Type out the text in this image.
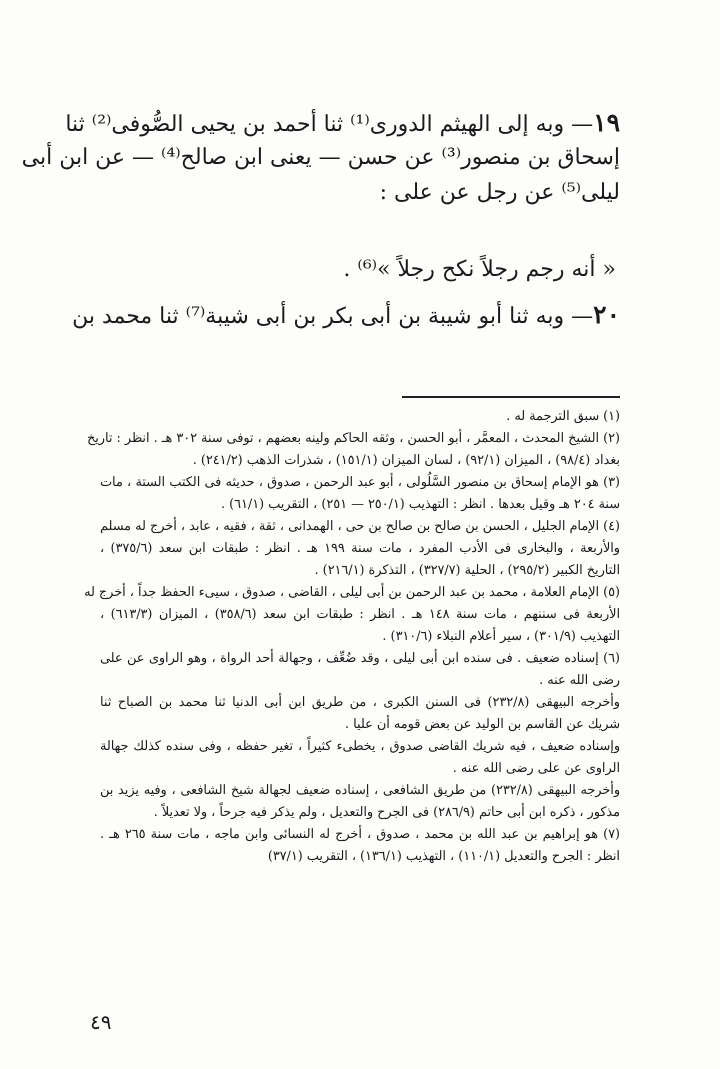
١٩— وبه إلى الهيثم الدورى⁽¹⁾ ثنا أحمد بن يحيى الصُّوفى⁽²⁾ ثنا
إسحاق بن منصور⁽³⁾ عن حسن — يعنى ابن صالح⁽⁴⁾ — عن ابن أبى
ليلى⁽⁵⁾ عن رجل عن على :
« أنه رجم رجلاً نكح رجلاً »⁽⁶⁾ .
٢٠— وبه ثنا أبو شيبة بن أبى بكر بن أبى شيبة⁽⁷⁾ ثنا محمد بن
(١) سبق الترجمة له .
(٢) الشيخ المحدث ، المعمَّر ، أبو الحسن ، وثقه الحاكم ولينه بعضهم ، توفى سنة ٣٠٢ هـ . انظر : تاريخ
بغداد (٩٨/٤) ، الميزان (٩٢/١) ، لسان الميزان (١٥١/١) ، شذرات الذهب (٢٤١/٢) .
(٣) هو الإمام إسحاق بن منصور السَّلُولى ، أبو عبد الرحمن ، صدوق ، حديثه فى الكتب الستة ، مات
سنة ٢٠٤ هـ وقيل بعدها . انظر : التهذيب (٢٥٠/١ — ٢٥١) ، التقريب (٦١/١) .
(٤) الإمام الجليل ، الحسن بن صالح بن صالح بن حى ، الهمدانى ، ثقة ، فقيه ، عابد ، أخرج له مسلم
والأربعة ، والبخارى فى الأدب المفرد ، مات سنة ١٩٩ هـ . انظر : طبقات ابن سعد (٣٧٥/٦) ،
التاريخ الكبير (٢٩٥/٢) ، الحلية (٣٢٧/٧) ، التذكرة (٢١٦/١) .
(٥) الإمام العلامة ، محمد بن عبد الرحمن بن أبى ليلى ، القاضى ، صدوق ، سيىء الحفظ جداً ، أخرج له
الأربعة فى سننهم ، مات سنة ١٤٨ هـ . انظر : طبقات ابن سعد (٣٥٨/٦) ، الميزان (٦١٣/٣) ،
التهذيب (٣٠١/٩) ، سير أعلام النبلاء (٣١٠/٦) .
(٦) إسناده ضعيف . فى سنده ابن أبى ليلى ، وقد ضُعِّف ، وجهالة أحد الرواة ، وهو الراوى عن على
رضى الله عنه .
وأخرجه البيهقى (٢٣٢/٨) فى السنن الكبرى ، من طريق ابن أبى الدنيا ثنا محمد بن الصباح ثنا
شريك عن القاسم بن الوليد عن بعض قومه أن عليا .
وإسناده ضعيف ، فيه شريك القاضى صدوق ، يخطىء كثيراً ، تغير حفظه ، وفى سنده كذلك جهالة
الراوى عن على رضى الله عنه .
وأخرجه البيهقى (٢٣٢/٨) من طريق الشافعى ، إسناده ضعيف لجهالة شيخ الشافعى ، وفيه يزيد بن
مذكور ، ذكره ابن أبى حاتم (٢٨٦/٩) فى الجرح والتعديل ، ولم يذكر فيه جرحاً ، ولا تعديلاً .
(٧) هو إبراهيم بن عبد الله بن محمد ، صدوق ، أخرج له النسائى وابن ماجه ، مات سنة ٢٦٥ هـ .
انظر : الجرح والتعديل (١١٠/١) ، التهذيب (١٣٦/١) ، التقريب (٣٧/١)
٤٩
